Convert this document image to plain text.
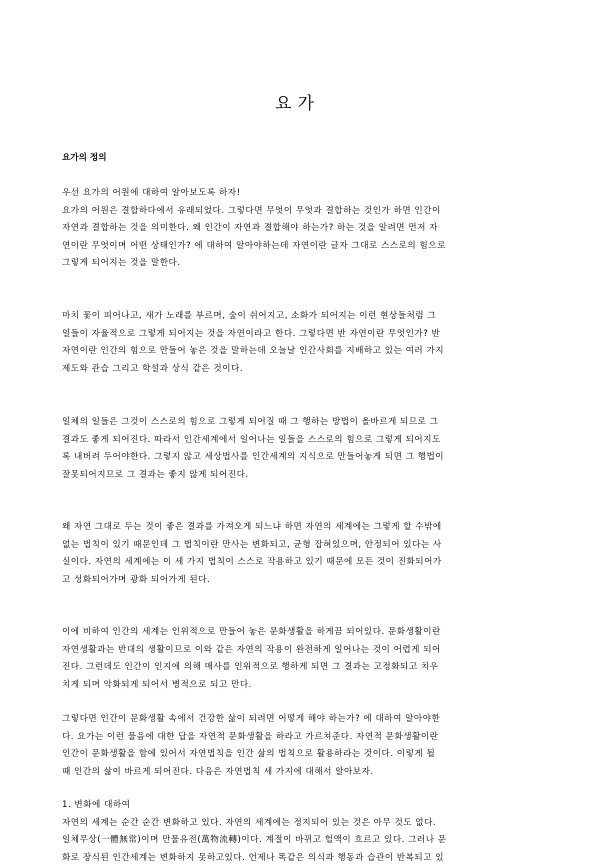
요가
요가의 정의
우선 요가의 어원에 대하여 알아보도록 하자!
요가의 어원은 결합하다에서 유래되었다. 그렇다면 무엇이 무엇과 결합하는 것인가 하면 인간이
자연과 결합하는 것을 의미한다. 왜 인간이 자연과 결합해야 하는가? 하는 것을 알려면 먼저 자
연이란 무엇이며 어떤 상태인가? 에 대하여 알아야하는데 자연이란 글자 그대로 스스로의 힘으로
그렇게 되어지는 것을 말한다.
마치 꽃이 피어나고, 새가 노래를 부르며, 숲이 쉬어지고, 소화가 되어지는 이런 현상들처럼 그
일들이 자율적으로 그렇게 되어지는 것을 자연이라고 한다. 그렇다면 반 자연이란 무엇인가? 반
자연이란 인간의 힘으로 만들어 놓은 것을 말하는데 오늘날 인간사회를 지배하고 있는 여러 가지
제도와 관습 그리고 학설과 상식 같은 것이다.
일체의 일들은 그것이 스스로의 힘으로 그렇게 되어질 때 그 행하는 방법이 올바르게 되므로 그
결과도 좋게 되어진다. 따라서 인간세계에서 일어나는 일들을 스스로의 힘으로 그렇게 되어지도
록 내버려 두어야한다. 그렇지 않고 세상법사를 인간세계의 지식으로 만들어놓게 되면 그 행법이
잘못되어지므로 그 결과는 좋지 않게 되어진다.
왜 자연 그대로 두는 것이 좋은 결과를 가져오게 되느냐 하면 자연의 세계에는 그렇게 할 수밖에
없는 법칙이 있기 때문인데 그 법칙이란 만사는 변화되고, 균형 잡혀있으며, 안정되어 있다는 사
실이다. 자연의 세계에는 이 세 가지 법칙이 스스로 작용하고 있기 때문에 모든 것이 진화되어가
고 성화되어가며 광화 되어가게 된다.
이에 비하여 인간의 세계는 인위적으로 만들어 놓은 문화생활을 하게끔 되어있다. 문화생활이란
자연생활과는 반대의 생활이므로 이와 같은 자연의 작용이 완전하게 일어나는 것이 어렵게 되어
진다. 그런데도 인간이 인지에 의해 매사를 인위적으로 행하게 되면 그 결과는 고정화되고 치우
치게 되며 악화되게 되어서 병적으로 되고 만다.
그렇다면 인간이 문화생활 속에서 건강한 삶이 되려면 어떻게 해야 하는가? 에 대하여 알아야한
다. 요가는 이런 물음에 대한 답을 자연적 문화생활을 하라고 가르쳐준다. 자연적 문화생활이란
인간이 문화생활을 함에 있어서 자연법칙을 인간 삶의 법칙으로 활용하라는 것이다. 이렇게 될
때 인간의 삶이 바르게 되어진다. 다음은 자연법칙 세 가지에 대해서 알아보자.
1. 변화에 대하여
자연의 세계는 순간 순간 변화하고 있다. 자연의 세계에는 정지되어 있는 것은 아무 것도 없다.
일체무상(一體無常)이며 만물유전(萬物流轉)이다. 계절이 바뀌고 헐액이 흐르고 있다. 그러나 문
화로 장식된 인간세계는 변화하지 못하고있다. 언제나 똑같은 의식과 행동과 습관이 반복되고 있
